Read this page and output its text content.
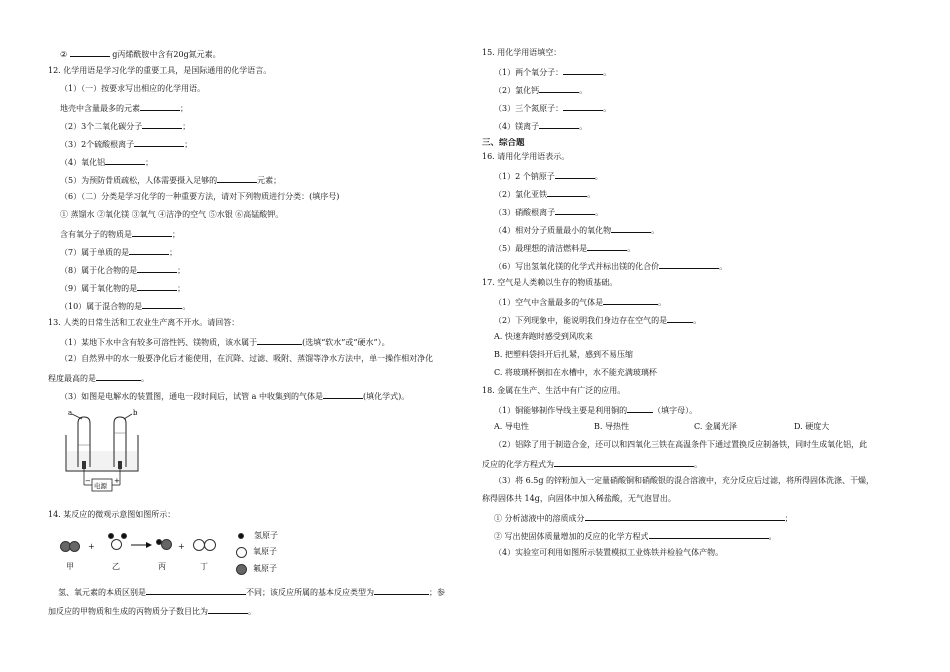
②	g丙烯酰胺中含有20g氮元素。
12. 化学用语是学习化学的重要工具，是国际通用的化学语言。
（1）（一）按要求写出相应的化学用语。
地壳中含量最多的元素	；
（2）3个二氧化碳分子	；
（3）2个硫酸根离子	；
（4）氧化铝	；
（5）为预防骨质疏松，人体需要摄入足够的	元素；
（6）（二）分类是学习化学的一种重要方法，请对下列物质进行分类：(填序号)
① 蒸馏水 ②氧化镁 ③氧气 ④洁净的空气 ⑤水银 ⑥高锰酸钾。
含有氧分子的物质是	；
（7）属于单质的是	；
（8）属于化合物的是	；
（9）属于氧化物的是	；
（10）属于混合物的是	。
13. 人类的日常生活和工农业生产离不开水。请回答：
（1）某地下水中含有较多可溶性钙、镁物质，该水属于	(选填“软水”或“硬水”）。
（2）自然界中的水一般要净化后才能使用，在沉降、过滤、吸附、蒸馏等净水方法中，单一操作相对净化
程度最高的是	。
（3）如图是电解水的装置图，通电一段时间后，试管 a 中收集到的气体是	(填化学式)。
a	b
电源
−	+
14. 某反应的微观示意图如图所示：
+	+
甲	乙	丙	丁
氢原子
氧原子
氟原子
氢、氧元素的本质区别是	不同；该反应所属的基本反应类型为	；参
加反应的甲物质和生成的丙物质分子数目比为	。
15. 用化学用语填空：
（1）两个氧分子：	。
（2）氯化钙	。
（3）三个氮原子：	。
（4）镁离子	。
三、综合题
16. 请用化学用语表示。
（1）2 个钠原子	。
（2）氯化亚铁	。
（3）硝酸根离子	。
（4）相对分子质量最小的氧化物	。
（5）最理想的清洁燃料是	。
（6）写出氢氧化镁的化学式并标出镁的化合价	。
17. 空气是人类赖以生存的物质基础。
（1）空气中含量最多的气体是	。
（2）下列现象中，能说明我们身边存在空气的是	。
A. 快速奔跑时感受到风吹来
B. 把塑料袋抖开后扎紧，感到不易压缩
C. 将玻璃杯倒扣在水槽中，水不能充满玻璃杯
18. 金属在生产、生活中有广泛的应用。
（1）铜能够制作导线主要是利用铜的	（填字母）。
A. 导电性	B. 导热性	C. 金属光泽	D. 硬度大
（2）铝除了用于制造合金，还可以和四氧化三铁在高温条件下通过置换反应制备铁，同时生成氧化铝，此
反应的化学方程式为	。
（3）将 6.5g 的锌粉加入一定量硝酸铜和硝酸银的混合溶液中，充分反应后过滤，将所得固体洗涤、干燥，
称得固体共 14g，向固体中加入稀盐酸，无气泡冒出。
① 分析滤液中的溶质成分	；
② 写出使固体质量增加的反应的化学方程式	。
（4）实验室可利用如图所示装置模拟工业炼铁并检验气体产物。
